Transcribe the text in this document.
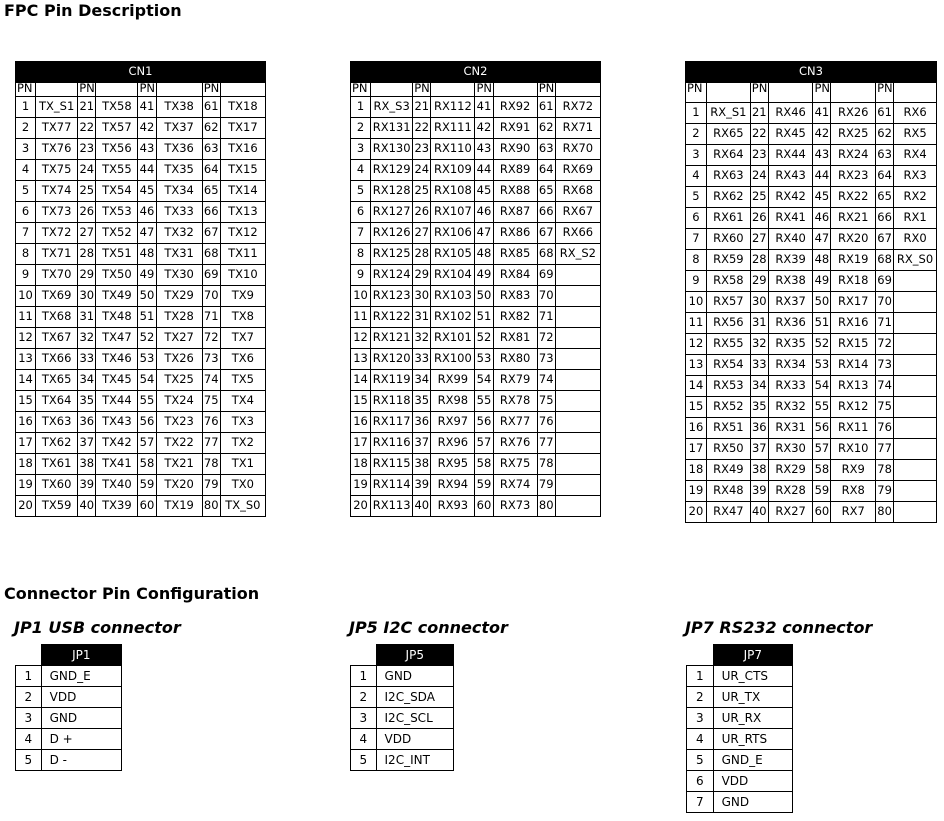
FPC Pin Description
CN1							
PN		PN		PN		PN	
1	TX_S1	21	TX58	41	TX38	61	TX18
2	TX77	22	TX57	42	TX37	62	TX17
3	TX76	23	TX56	43	TX36	63	TX16
4	TX75	24	TX55	44	TX35	64	TX15
5	TX74	25	TX54	45	TX34	65	TX14
6	TX73	26	TX53	46	TX33	66	TX13
7	TX72	27	TX52	47	TX32	67	TX12
8	TX71	28	TX51	48	TX31	68	TX11
9	TX70	29	TX50	49	TX30	69	TX10
10	TX69	30	TX49	50	TX29	70	TX9
11	TX68	31	TX48	51	TX28	71	TX8
12	TX67	32	TX47	52	TX27	72	TX7
13	TX66	33	TX46	53	TX26	73	TX6
14	TX65	34	TX45	54	TX25	74	TX5
15	TX64	35	TX44	55	TX24	75	TX4
16	TX63	36	TX43	56	TX23	76	TX3
17	TX62	37	TX42	57	TX22	77	TX2
18	TX61	38	TX41	58	TX21	78	TX1
19	TX60	39	TX40	59	TX20	79	TX0
20	TX59	40	TX39	60	TX19	80	TX_S0
CN2							
PN		PN		PN		PN	
1	RX_S3	21	RX112	41	RX92	61	RX72
2	RX131	22	RX111	42	RX91	62	RX71
3	RX130	23	RX110	43	RX90	63	RX70
4	RX129	24	RX109	44	RX89	64	RX69
5	RX128	25	RX108	45	RX88	65	RX68
6	RX127	26	RX107	46	RX87	66	RX67
7	RX126	27	RX106	47	RX86	67	RX66
8	RX125	28	RX105	48	RX85	68	RX_S2
9	RX124	29	RX104	49	RX84	69	
10	RX123	30	RX103	50	RX83	70	
11	RX122	31	RX102	51	RX82	71	
12	RX121	32	RX101	52	RX81	72	
13	RX120	33	RX100	53	RX80	73	
14	RX119	34	RX99	54	RX79	74	
15	RX118	35	RX98	55	RX78	75	
16	RX117	36	RX97	56	RX77	76	
17	RX116	37	RX96	57	RX76	77	
18	RX115	38	RX95	58	RX75	78	
19	RX114	39	RX94	59	RX74	79	
20	RX113	40	RX93	60	RX73	80	
CN3							
PN		PN		PN		PN	
1	RX_S1	21	RX46	41	RX26	61	RX6
2	RX65	22	RX45	42	RX25	62	RX5
3	RX64	23	RX44	43	RX24	63	RX4
4	RX63	24	RX43	44	RX23	64	RX3
5	RX62	25	RX42	45	RX22	65	RX2
6	RX61	26	RX41	46	RX21	66	RX1
7	RX60	27	RX40	47	RX20	67	RX0
8	RX59	28	RX39	48	RX19	68	RX_S0
9	RX58	29	RX38	49	RX18	69	
10	RX57	30	RX37	50	RX17	70	
11	RX56	31	RX36	51	RX16	71	
12	RX55	32	RX35	52	RX15	72	
13	RX54	33	RX34	53	RX14	73	
14	RX53	34	RX33	54	RX13	74	
15	RX52	35	RX32	55	RX12	75	
16	RX51	36	RX31	56	RX11	76	
17	RX50	37	RX30	57	RX10	77	
18	RX49	38	RX29	58	RX9	78	
19	RX48	39	RX28	59	RX8	79	
20	RX47	40	RX27	60	RX7	80	
Connector Pin Configuration
JP1 USB connector	JP5 I2C connector	JP7 RS232 connector
	JP1
1	GND_E
2	VDD
3	GND
4	D +
5	D -
	JP5
1	GND
2	I2C_SDA
3	I2C_SCL
4	VDD
5	I2C_INT
	JP7
1	UR_CTS
2	UR_TX
3	UR_RX
4	UR_RTS
5	GND_E
6	VDD
7	GND
